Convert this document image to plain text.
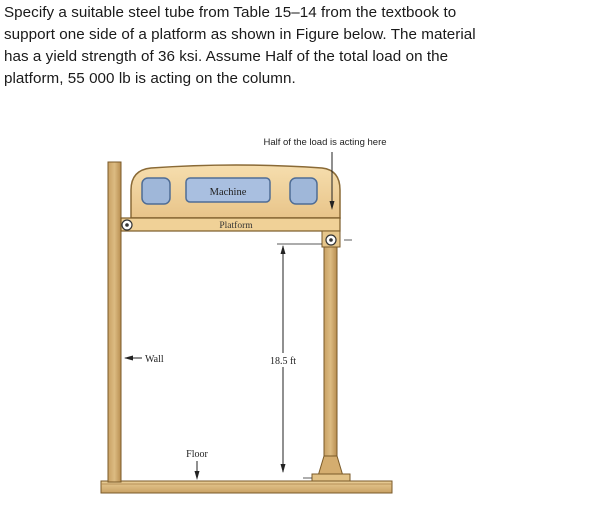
Specify a suitable steel tube from Table 15–14 from the textbook to
support one side of a platform as shown in Figure below. The material
has a yield strength of 36 ksi. Assume Half of the total load on the
platform, 55 000 lb is acting on the column.
Machine
Platform
Half of the load is acting here
18.5 ft
Wall
Floor
